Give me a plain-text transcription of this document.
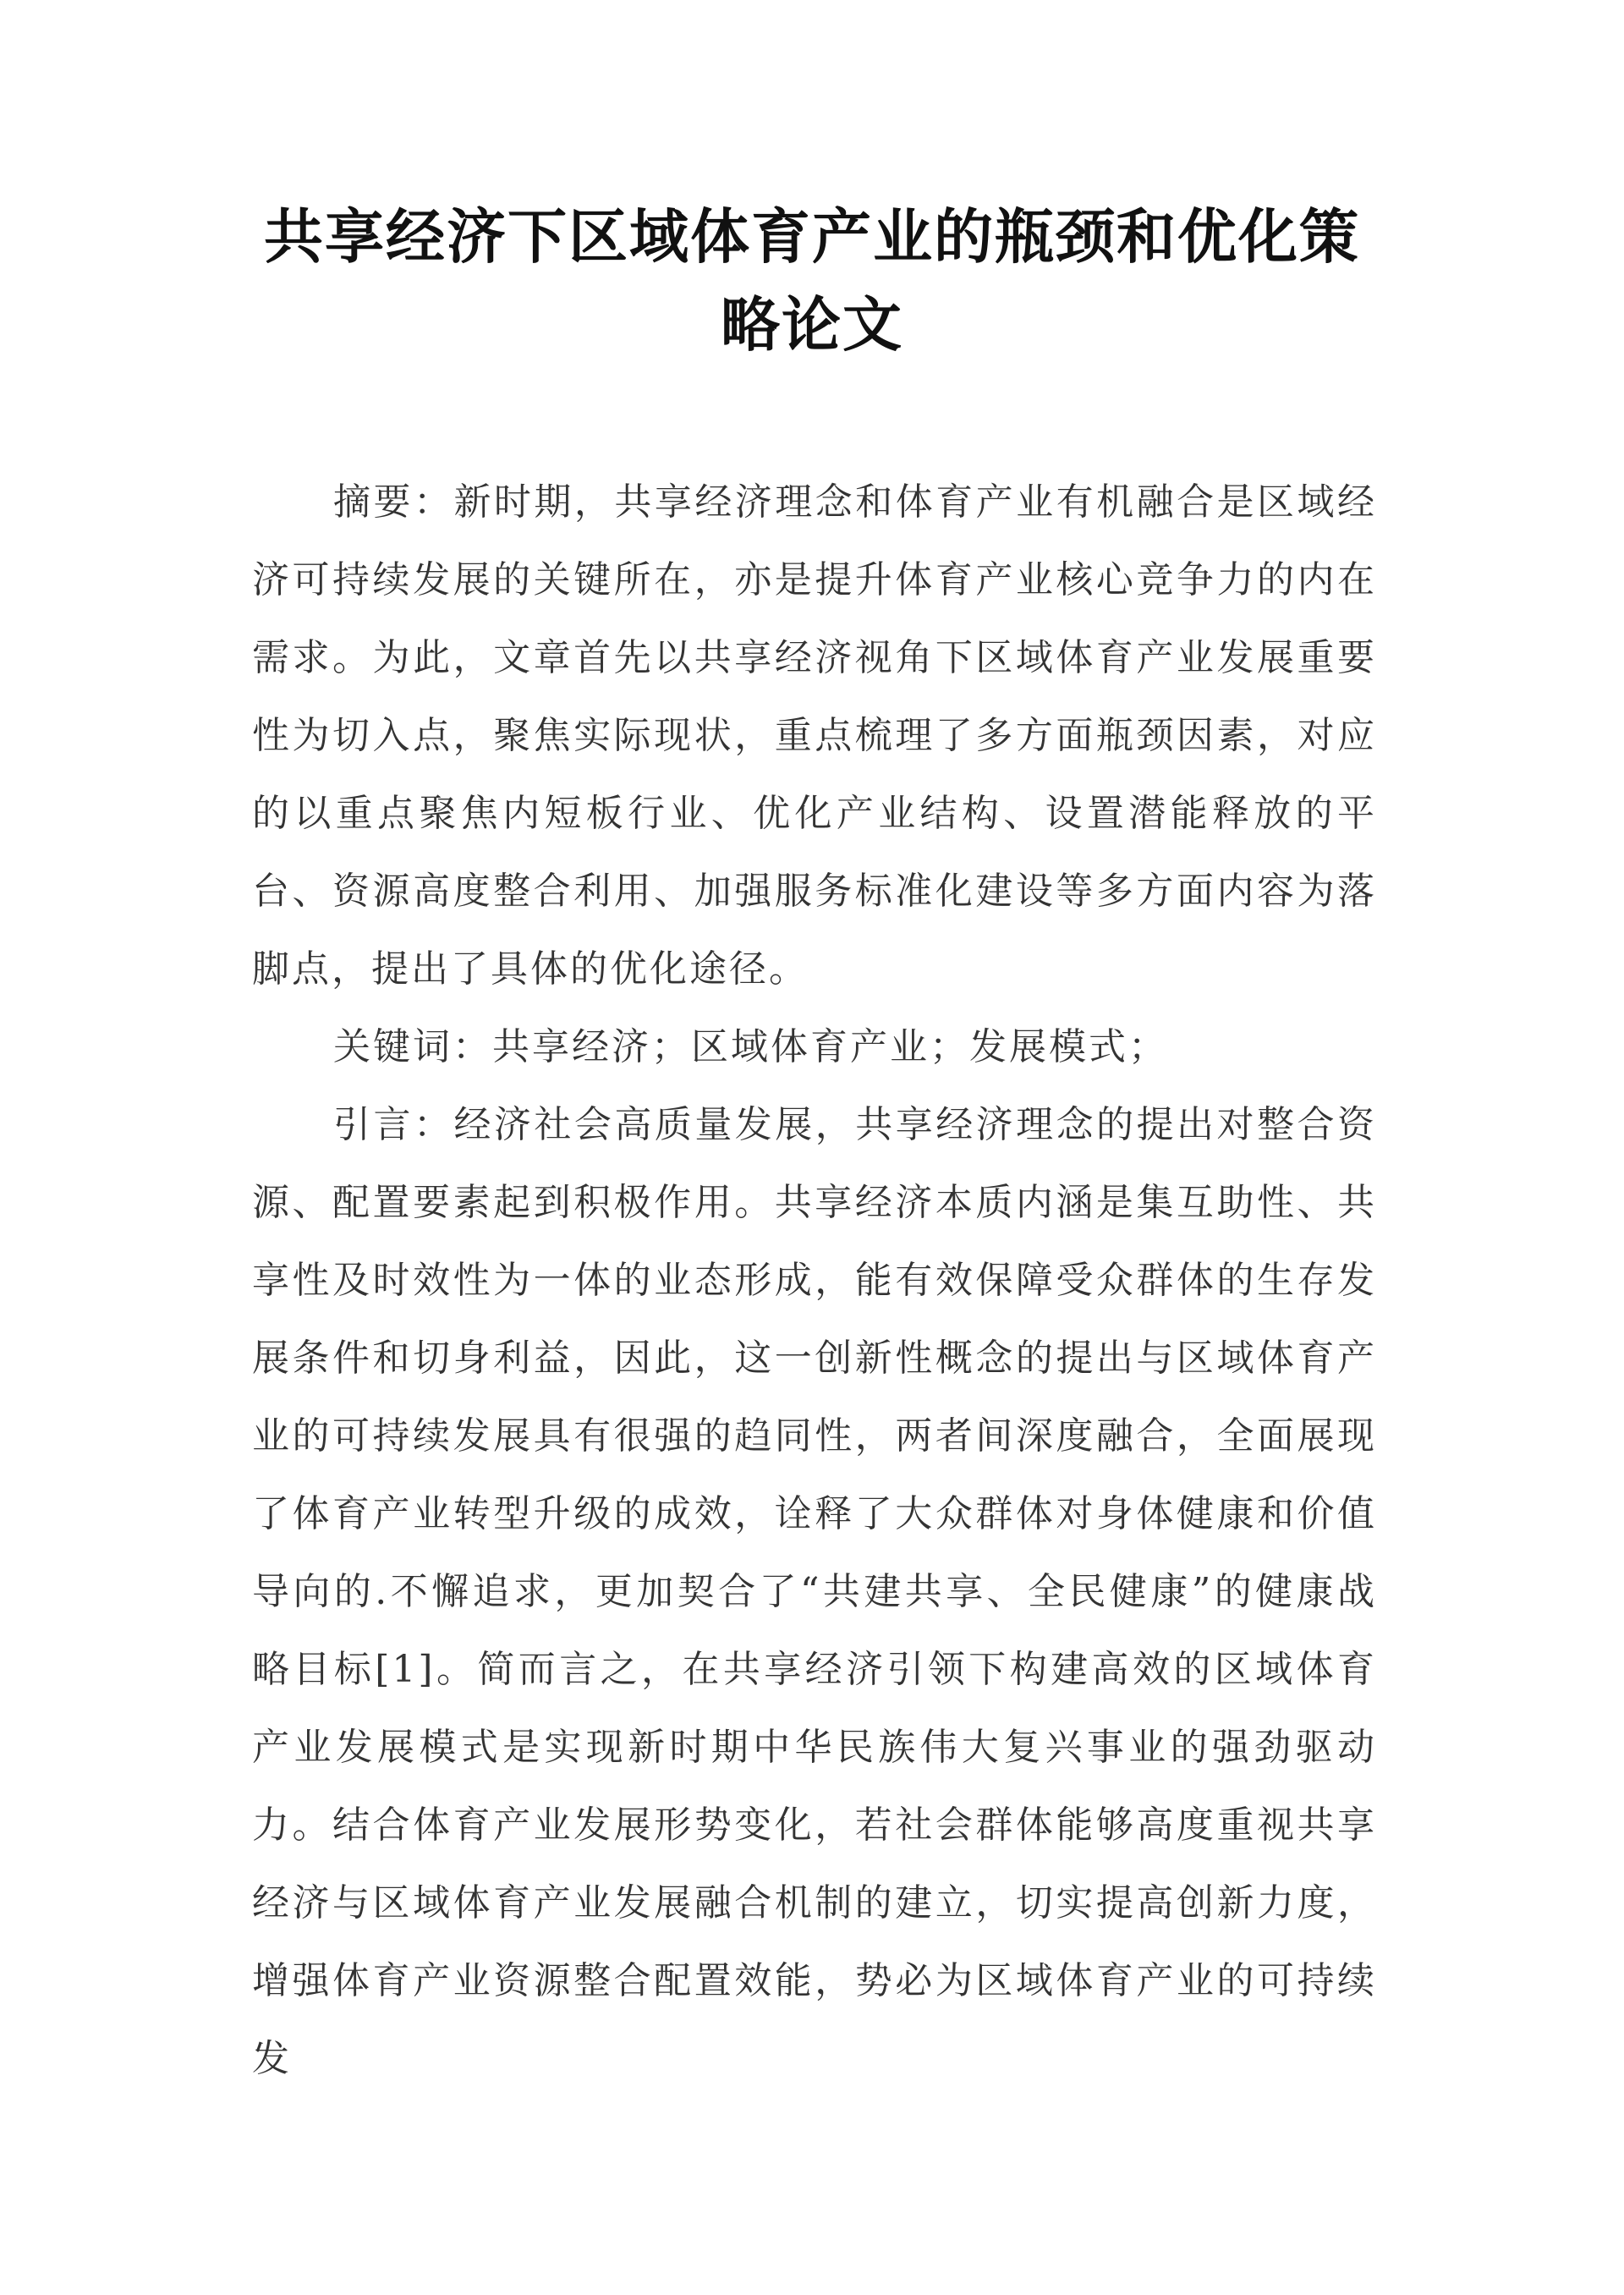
共享经济下区域体育产业的瓶颈和优化策略论文

摘要：新时期，共享经济理念和体育产业有机融合是区域经济可持续发展的关键所在，亦是提升体育产业核心竞争力的内在需求。为此，文章首先以共享经济视角下区域体育产业发展重要性为切入点，聚焦实际现状，重点梳理了多方面瓶颈因素，对应的以重点聚焦内短板行业、优化产业结构、设置潜能释放的平台、资源高度整合利用、加强服务标准化建设等多方面内容为落脚点，提出了具体的优化途径。

关键词：共享经济；区域体育产业；发展模式；

引言：经济社会高质量发展，共享经济理念的提出对整合资源、配置要素起到积极作用。共享经济本质内涵是集互助性、共享性及时效性为一体的业态形成，能有效保障受众群体的生存发展条件和切身利益，因此，这一创新性概念的提出与区域体育产业的可持续发展具有很强的趋同性，两者间深度融合，全面展现了体育产业转型升级的成效，诠释了大众群体对身体健康和价值导向的.不懈追求，更加契合了“共建共享、全民健康”的健康战略目标[1]。简而言之，在共享经济引领下构建高效的区域体育产业发展模式是实现新时期中华民族伟大复兴事业的强劲驱动力。结合体育产业发展形势变化，若社会群体能够高度重视共享经济与区域体育产业发展融合机制的建立，切实提高创新力度，增强体育产业资源整合配置效能，势必为区域体育产业的可持续发
